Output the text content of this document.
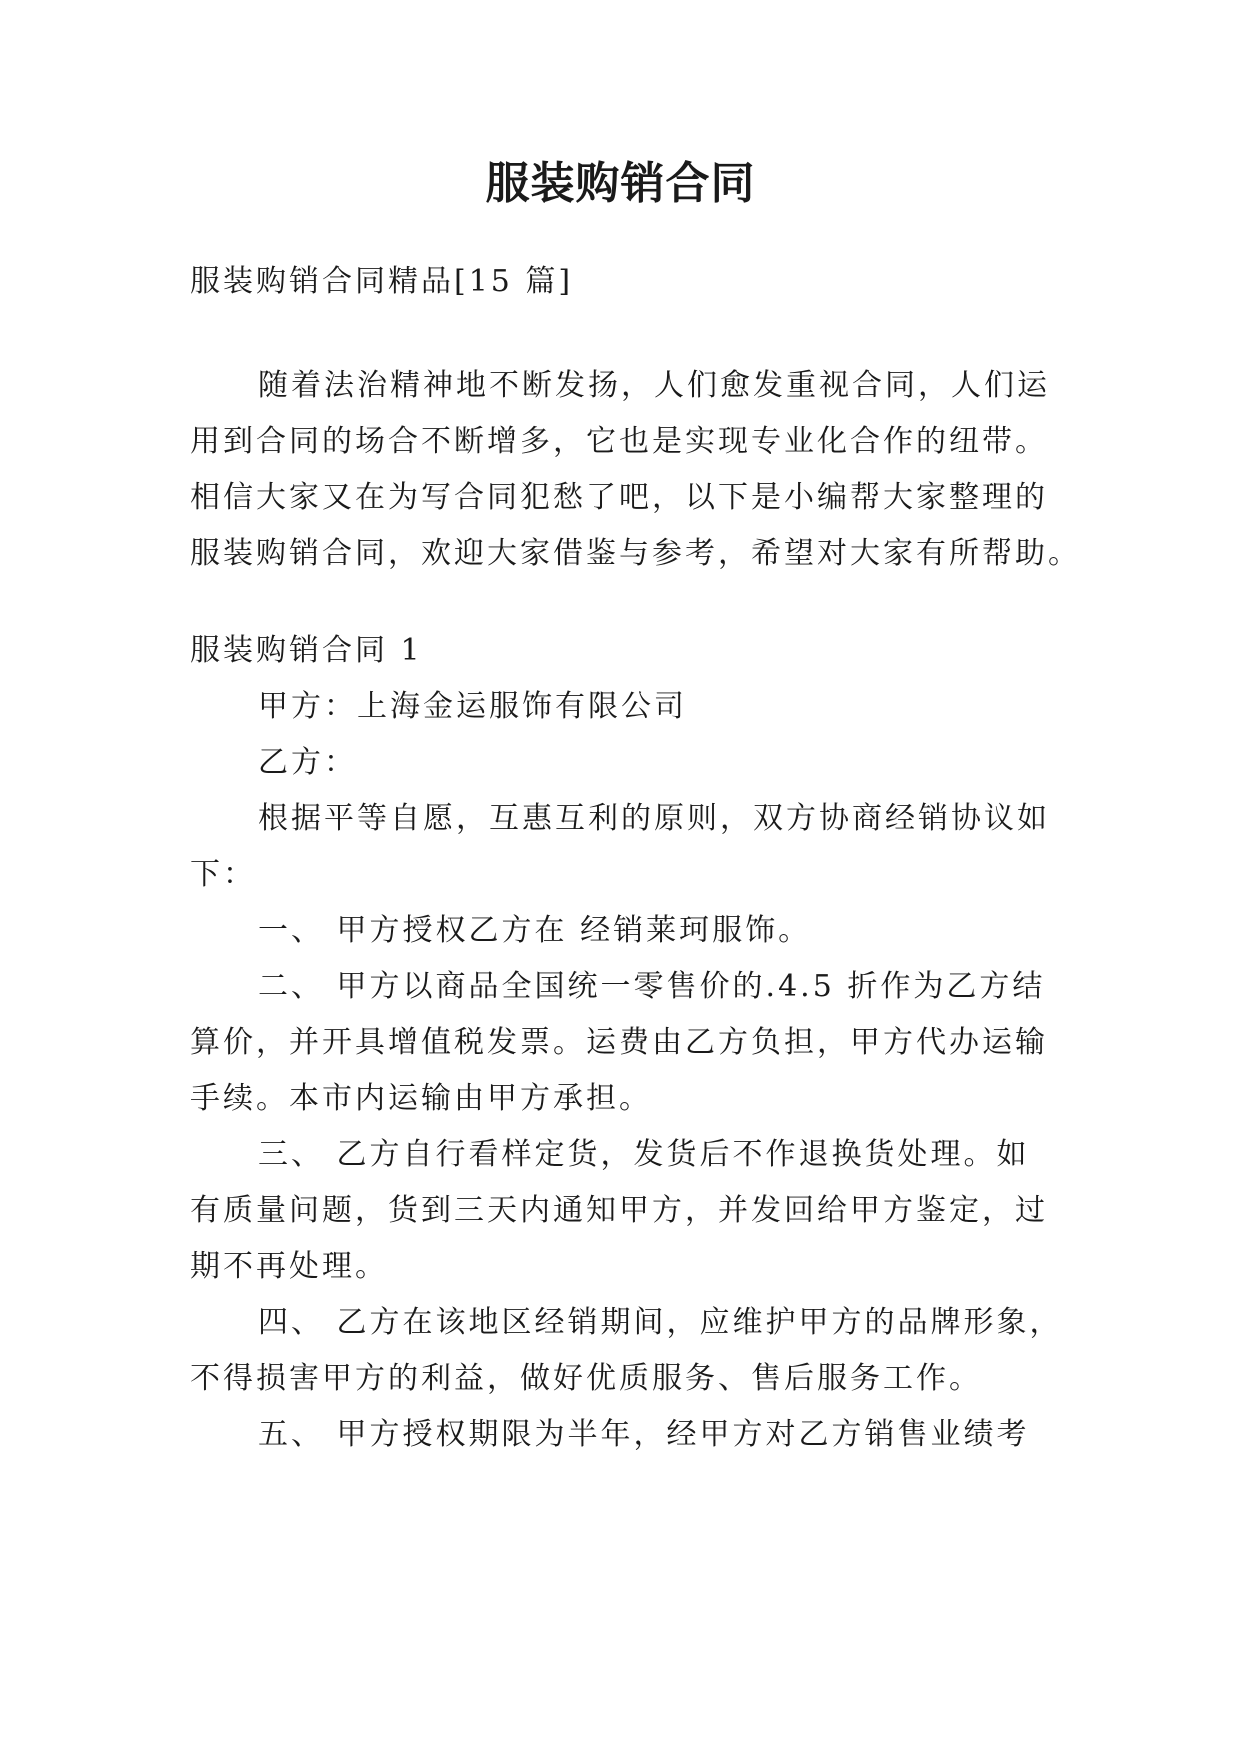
服装购销合同
服装购销合同精品[15 篇]
随着法治精神地不断发扬，人们愈发重视合同，人们运
用到合同的场合不断增多，它也是实现专业化合作的纽带。
相信大家又在为写合同犯愁了吧，以下是小编帮大家整理的
服装购销合同，欢迎大家借鉴与参考，希望对大家有所帮助。
服装购销合同 1
甲方：上海金运服饰有限公司
乙方：
根据平等自愿，互惠互利的原则，双方协商经销协议如
下：
一、 甲方授权乙方在 经销莱珂服饰。
二、 甲方以商品全国统一零售价的.4.5 折作为乙方结
算价，并开具增值税发票。运费由乙方负担，甲方代办运输
手续。本市内运输由甲方承担。
三、 乙方自行看样定货，发货后不作退换货处理。如
有质量问题，货到三天内通知甲方，并发回给甲方鉴定，过
期不再处理。
四、 乙方在该地区经销期间，应维护甲方的品牌形象，
不得损害甲方的利益，做好优质服务、售后服务工作。
五、 甲方授权期限为半年，经甲方对乙方销售业绩考
